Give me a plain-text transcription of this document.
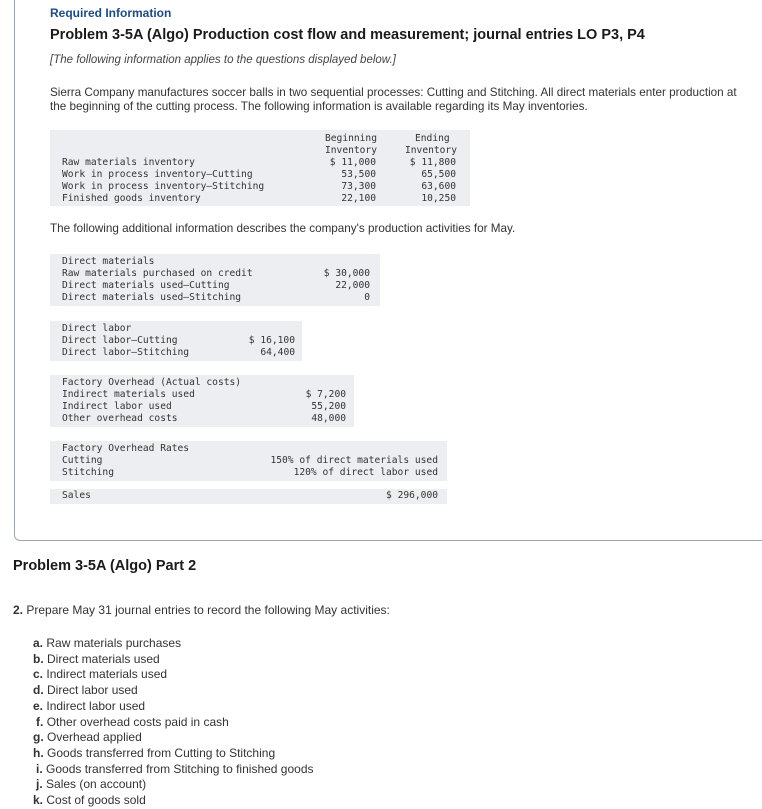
Required Information
Problem 3-5A (Algo) Production cost flow and measurement; journal entries LO P3, P4
[The following information applies to the questions displayed below.]
Sierra Company manufactures soccer balls in two sequential processes: Cutting and Stitching. All direct materials enter production at the beginning of the cutting process. The following information is available regarding its May inventories.
Beginning
Inventory
Ending
Inventory
Raw materials inventory	$ 11,000	$ 11,800
Work in process inventory—Cutting	53,500	65,500
Work in process inventory—Stitching	73,300	63,600
Finished goods inventory	22,100	10,250
The following additional information describes the company's production activities for May.
Direct materials
Raw materials purchased on credit	$ 30,000
Direct materials used—Cutting	22,000
Direct materials used—Stitching	0
Direct labor
Direct labor—Cutting	$ 16,100
Direct labor—Stitching	64,400
Factory Overhead (Actual costs)
Indirect materials used	$ 7,200
Indirect labor used	55,200
Other overhead costs	48,000
Factory Overhead Rates
Cutting	150% of direct materials used
Stitching	120% of direct labor used
Sales	$ 296,000
Problem 3-5A (Algo) Part 2
2. Prepare May 31 journal entries to record the following May activities:
a. Raw materials purchases
b. Direct materials used
c. Indirect materials used
d. Direct labor used
e. Indirect labor used
f. Other overhead costs paid in cash
g. Overhead applied
h. Goods transferred from Cutting to Stitching
i. Goods transferred from Stitching to finished goods
j. Sales (on account)
k. Cost of goods sold
